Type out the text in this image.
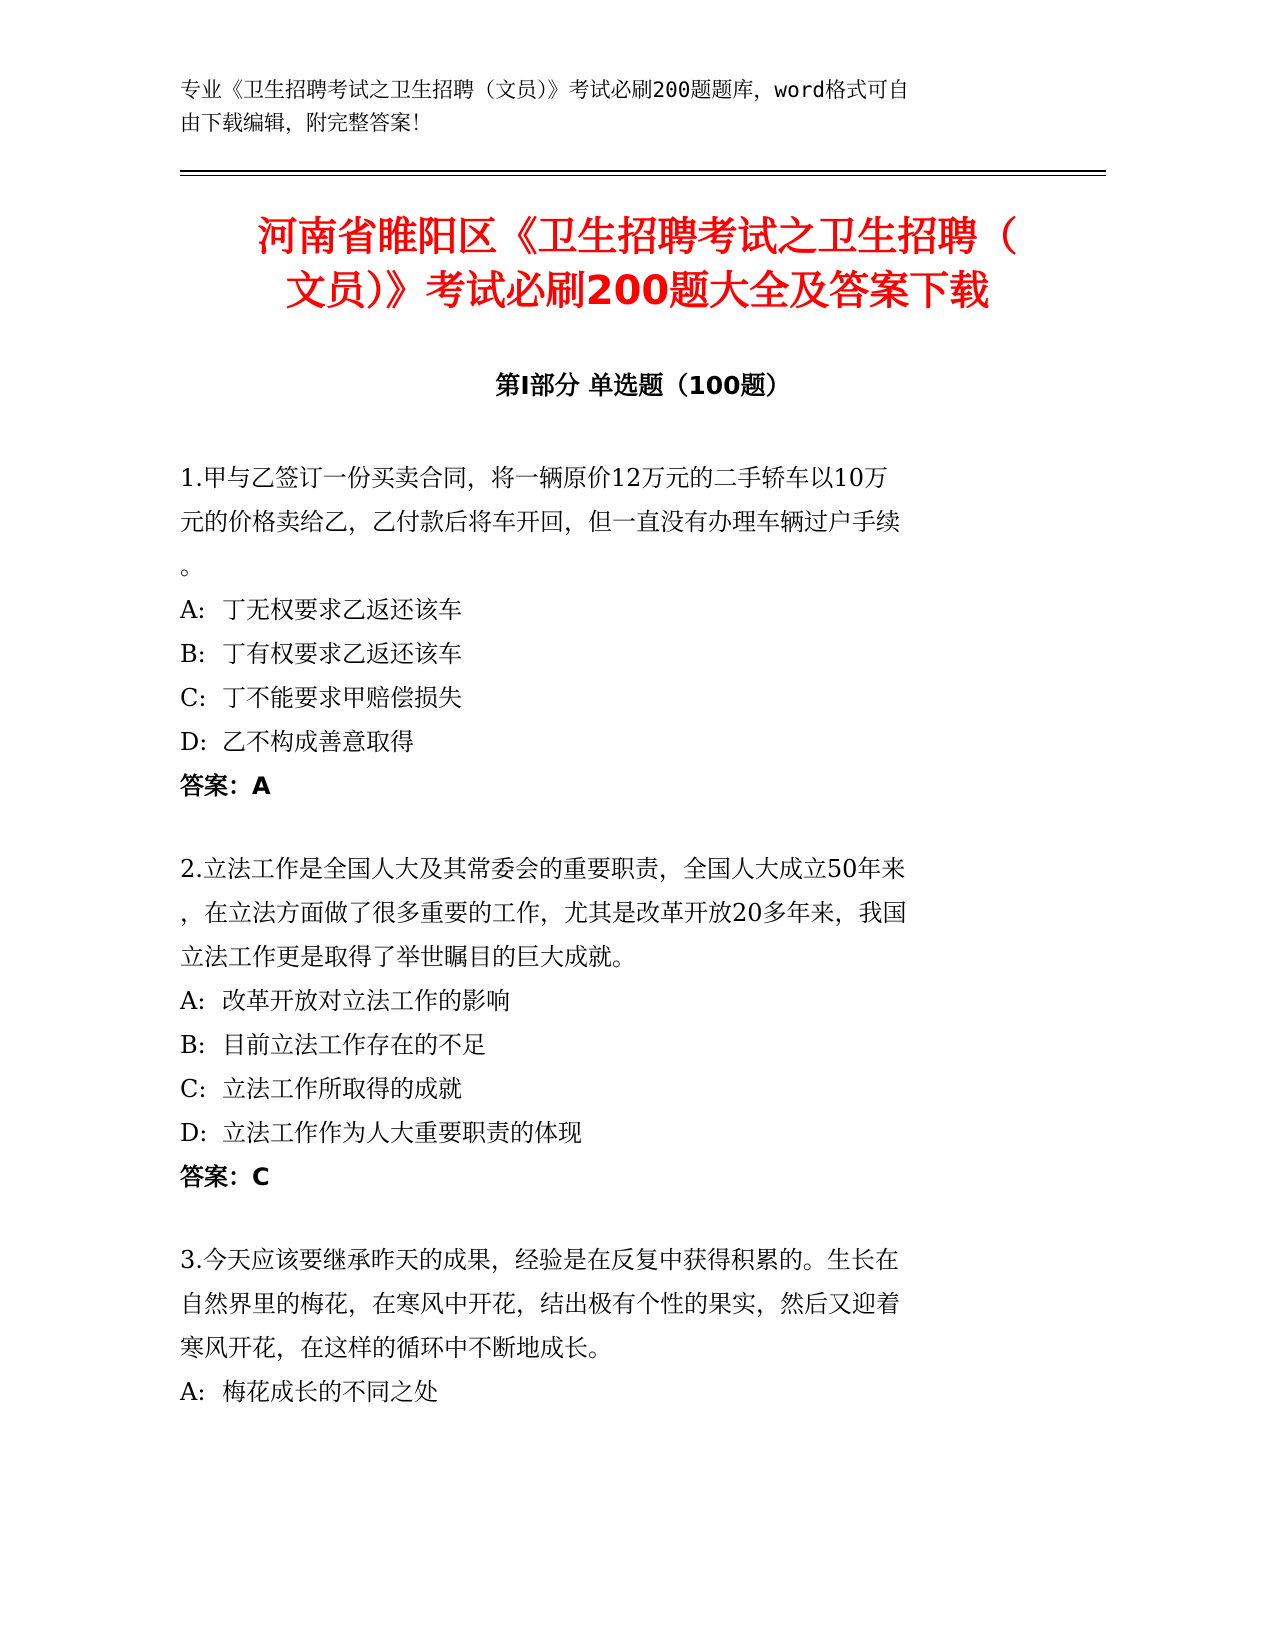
专业《卫生招聘考试之卫生招聘（文员）》考试必刷200题题库，word格式可自
由下载编辑，附完整答案！
河南省睢阳区《卫生招聘考试之卫生招聘（
文员）》考试必刷200题大全及答案下载
第Ⅰ部分 单选题（100题）

1.甲与乙签订一份买卖合同，将一辆原价12万元的二手轿车以10万

元的价格卖给乙，乙付款后将车开回，但一直没有办理车辆过户手续

。

A: 丁无权要求乙返还该车

B: 丁有权要求乙返还该车

C: 丁不能要求甲赔偿损失

D: 乙不构成善意取得

答案：A

2.立法工作是全国人大及其常委会的重要职责，全国人大成立50年来

，在立法方面做了很多重要的工作，尤其是改革开放20多年来，我国

立法工作更是取得了举世瞩目的巨大成就。

A: 改革开放对立法工作的影响

B: 目前立法工作存在的不足

C: 立法工作所取得的成就

D: 立法工作作为人大重要职责的体现

答案：C

3.今天应该要继承昨天的成果，经验是在反复中获得积累的。生长在

自然界里的梅花，在寒风中开花，结出极有个性的果实，然后又迎着

寒风开花，在这样的循环中不断地成长。

A: 梅花成长的不同之处
